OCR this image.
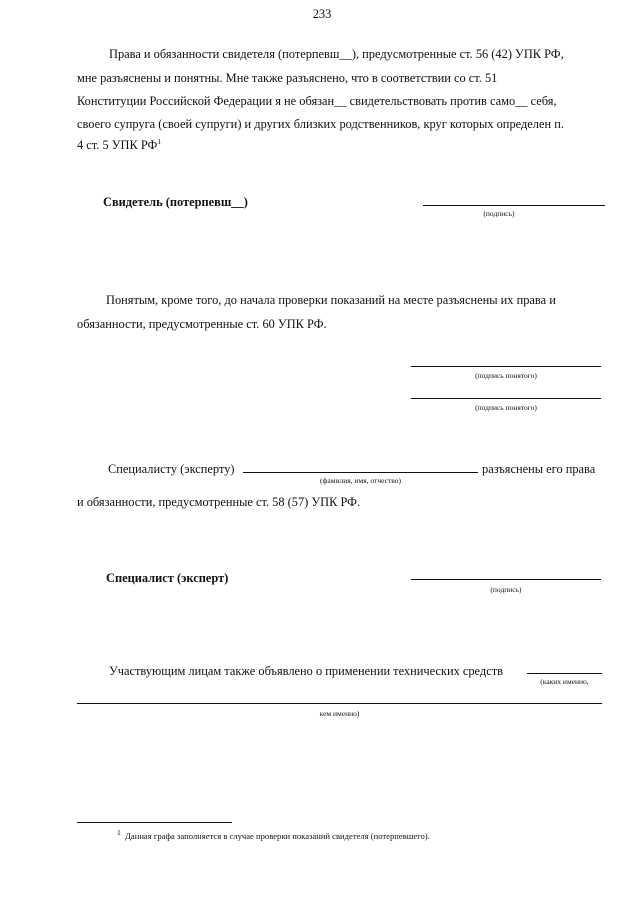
233
Права и обязанности свидетеля (потерпевш__), предусмотренные ст. 56 (42) УПК РФ,
мне разъяснены и понятны. Мне также разъяснено, что в соответствии со ст. 51
Конституции Российской Федерации я не обязан__ свидетельствовать против само__ себя,
своего супруга (своей супруги) и других близких родственников, круг которых определен п.
4 ст. 5 УПК $РФ^1$
Свидетель (потерпевш__)
(подпись)
Понятым, кроме того, до начала проверки показаний на месте разъяснены их права и
обязанности, предусмотренные ст. 60 УПК РФ.
(подпись понятого)
(подпись понятого)
Специалисту (эксперту)	разъяснены его права
(фамилия, имя, отчество)
и обязанности, предусмотренные ст. 58 (57) УПК РФ.
Специалист (эксперт)
(подпись)
Участвующим лицам также объявлено о применении технических средств
(каких именно,
кем именно)
1 Данная графа заполняется в случае проверки показаний свидетеля (потерпевшего).
